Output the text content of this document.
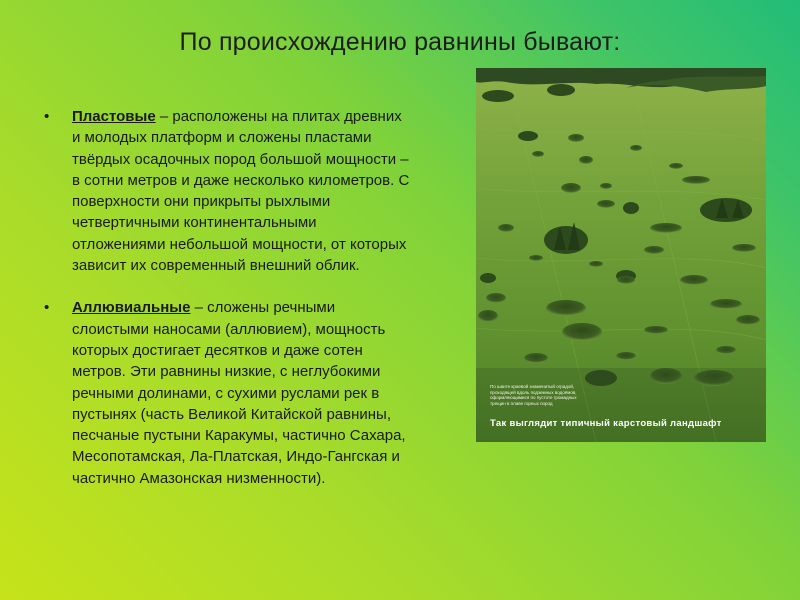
По происхождению равнины бывают:
• Пластовые – расположены на плитах древних и молодых платформ и сложены пластами твёрдых осадочных пород большой мощности – в сотни метров и даже несколько километров. С поверхности они прикрыты рыхлыми четвертичными континентальными отложениями небольшой мощности, от которых зависит их современный внешний облик.
• Аллювиальные – сложены речными слоистыми наносами (аллювием), мощность которых достигает десятков и даже сотен метров. Эти равнины низкие, с неглубокими речными долинами, с сухими руслами рек в пустынях (часть Великой Китайской равнины, песчаные пустыни Каракумы, частично Сахара, Месопотамская, Ла-Платская, Индо-Гангская и частично Амазонская низменности).
По шанте краевой знаменитый оградой, проходящей вдоль подземных водоёмов, оформляющимися по пустоте громадных трещин в плаве горных пород
Так выглядит типичный карстовый ландшафт
